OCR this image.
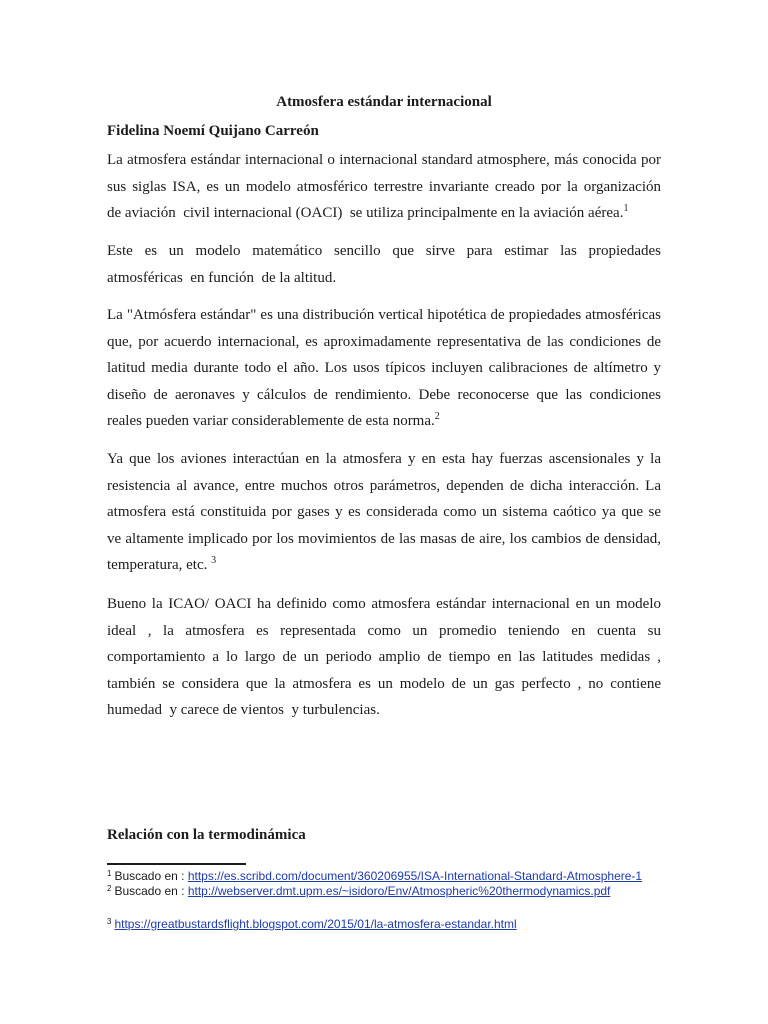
Atmosfera estándar internacional
Fidelina Noemí Quijano Carreón
La atmosfera estándar internacional o internacional standard atmosphere, más conocida por
sus siglas ISA, es un modelo atmosférico terrestre invariante creado por la organización
de aviación  civil internacional (OACI)  se utiliza principalmente en la aviación aérea.$^1$
Este es un modelo matemático sencillo que sirve para estimar las propiedades
atmosféricas  en función  de la altitud.
La "Atmósfera estándar" es una distribución vertical hipotética de propiedades atmosféricas
que, por acuerdo internacional, es aproximadamente representativa de las condiciones de
latitud media durante todo el año. Los usos típicos incluyen calibraciones de altímetro y
diseño de aeronaves y cálculos de rendimiento. Debe reconocerse que las condiciones
reales pueden variar considerablemente de esta norma.$^2$
Ya que los aviones interactúan en la atmosfera y en esta hay fuerzas ascensionales y la
resistencia al avance, entre muchos otros parámetros, dependen de dicha interacción. La
atmosfera está constituida por gases y es considerada como un sistema caótico ya que se
ve altamente implicado por los movimientos de las masas de aire, los cambios de densidad,
temperatura, etc. $^3$
Bueno la ICAO/ OACI ha definido como atmosfera estándar internacional en un modelo
ideal , la atmosfera es representada como un promedio teniendo en cuenta su
comportamiento a lo largo de un periodo amplio de tiempo en las latitudes medidas ,
también se considera que la atmosfera es un modelo de un gas perfecto , no contiene
humedad  y carece de vientos  y turbulencias.
Relación con la termodinámica
$^1$ Buscado en : https://es.scribd.com/document/360206955/ISA-International-Standard-Atmosphere-1
$^2$ Buscado en : http://webserver.dmt.upm.es/~isidoro/Env/Atmospheric%20thermodynamics.pdf
$^3$ https://greatbustardsflight.blogspot.com/2015/01/la-atmosfera-estandar.html
